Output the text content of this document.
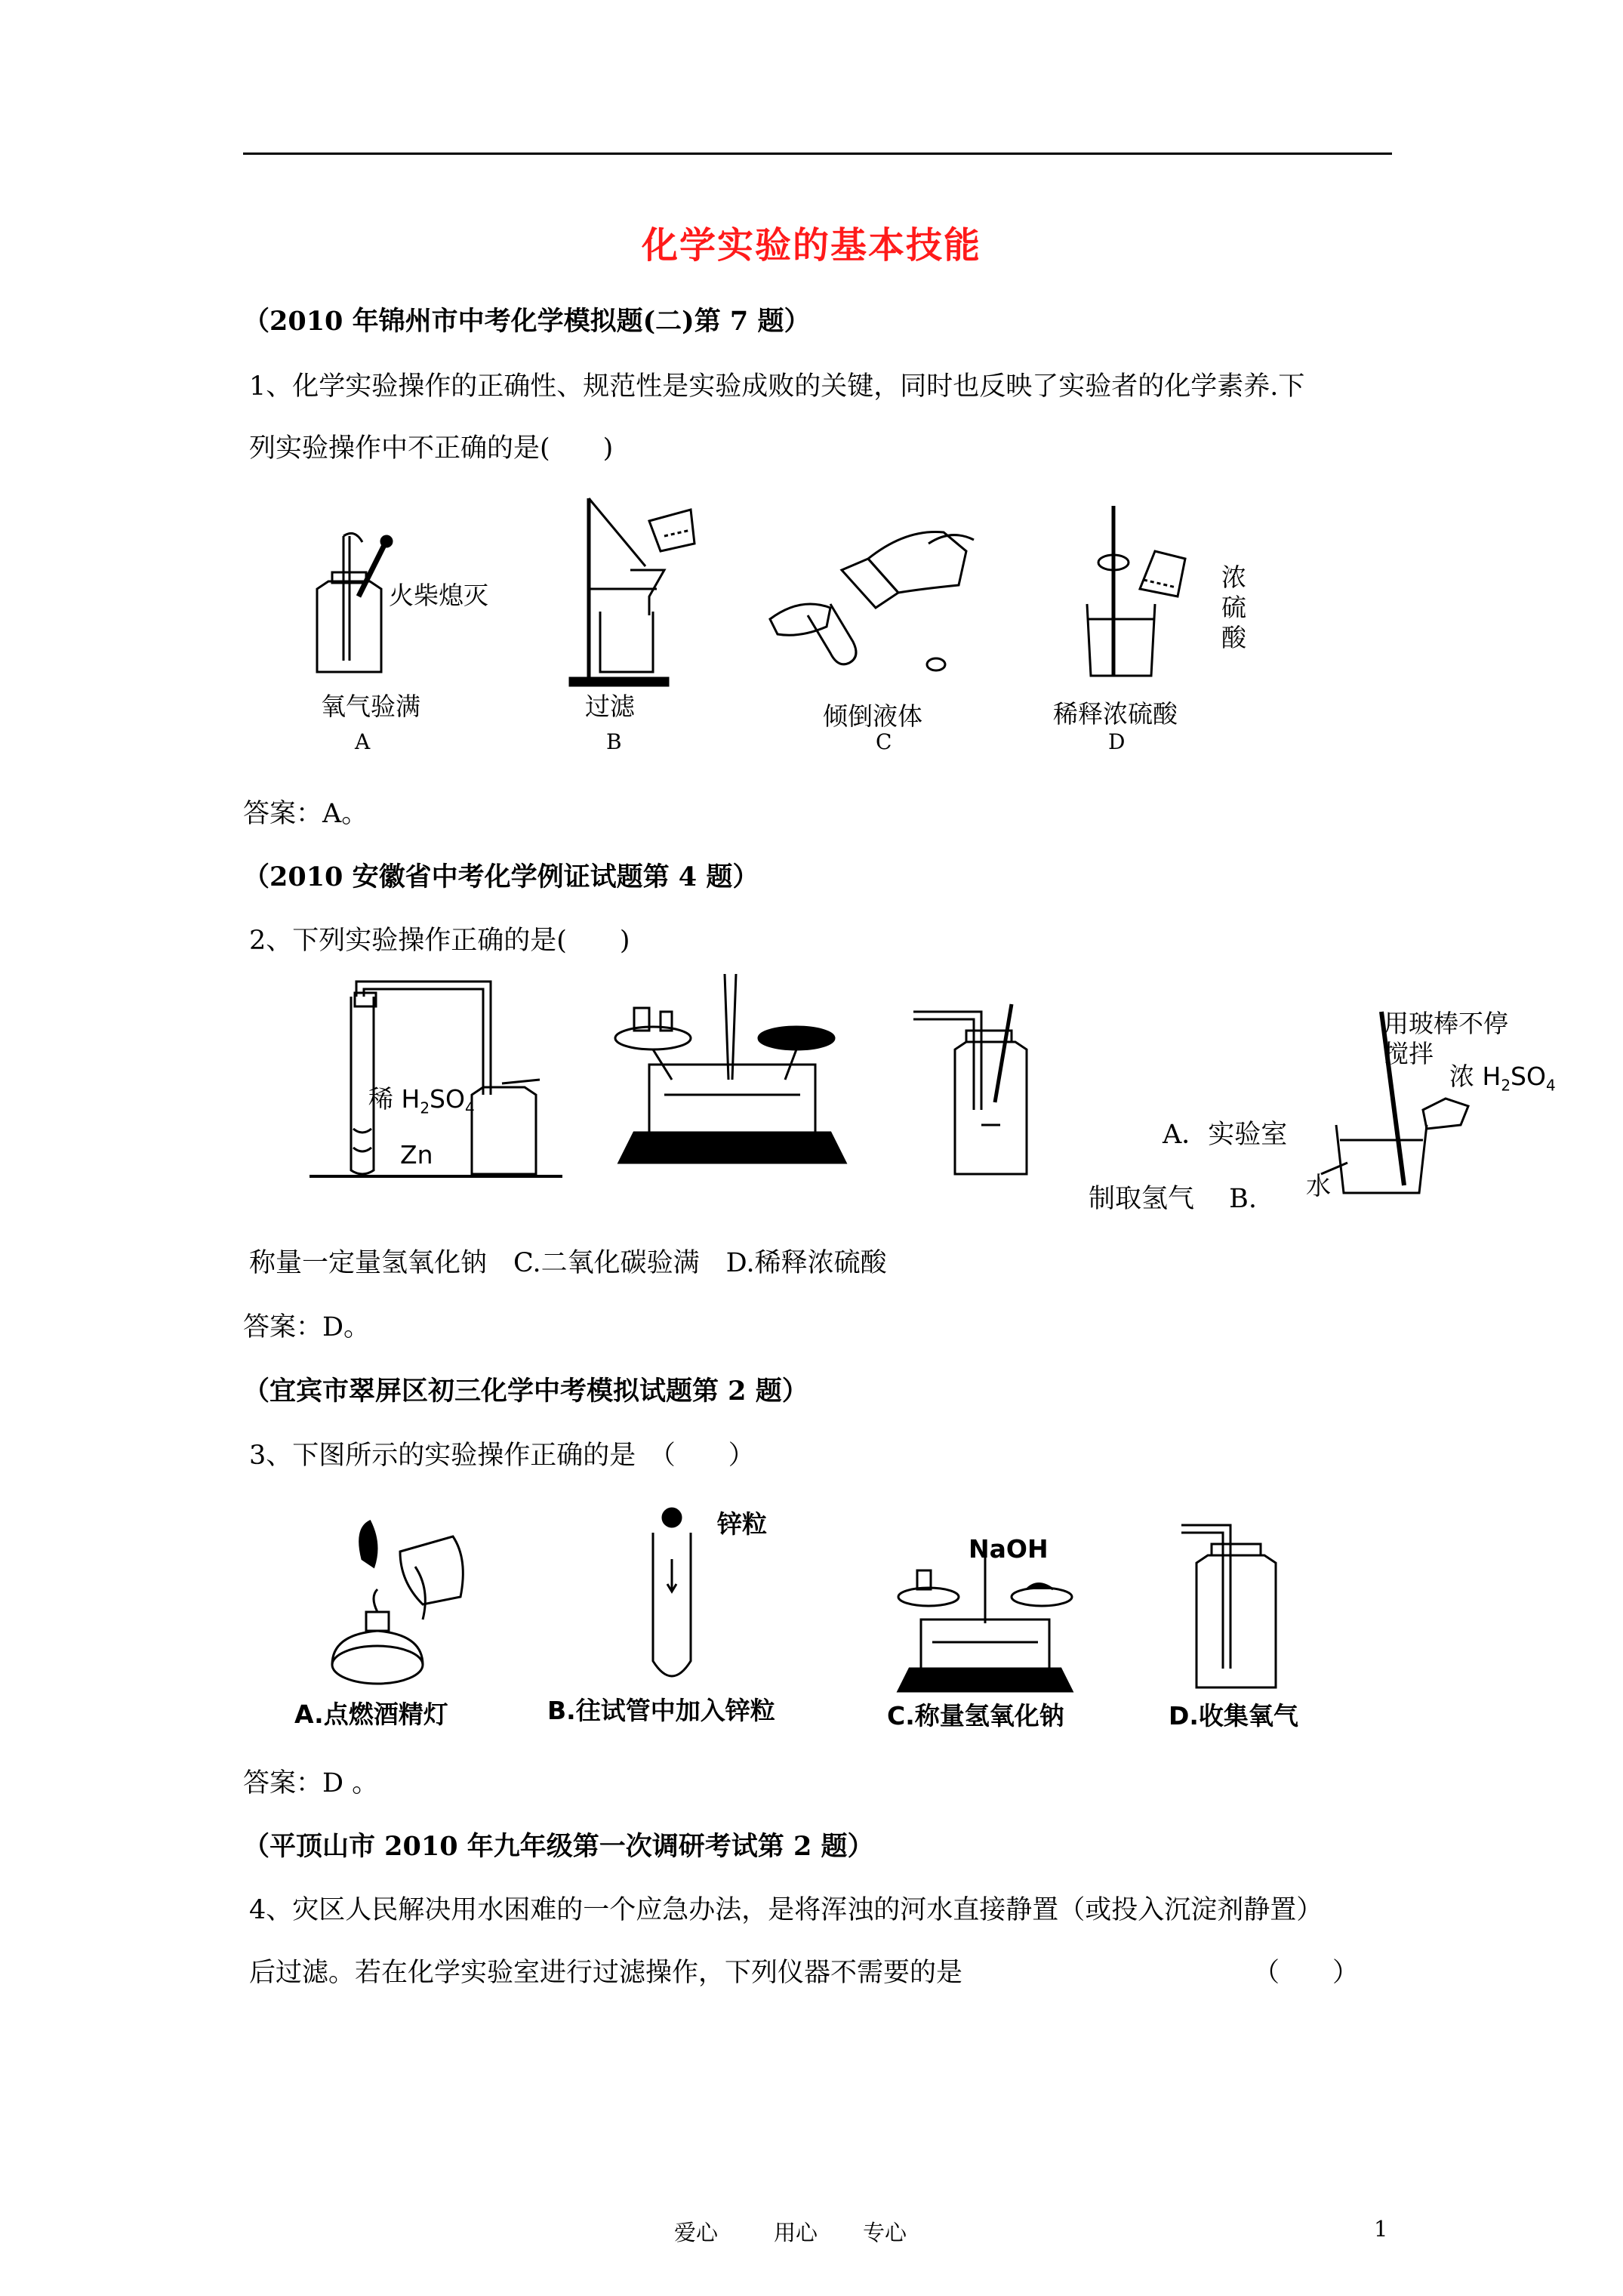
化学实验的基本技能
（2010 年锦州市中考化学模拟题(二)第 7 题）
1、化学实验操作的正确性、规范性是实验成败的关键，同时也反映了实验者的化学素养.下
列实验操作中不正确的是(　　)
火柴熄灭
氧气验满
A
过滤
B
倾倒液体
C
浓
硫
酸
稀释浓硫酸
D
答案：A。
（2010 安徽省中考化学例证试题第 4 题）
2、下列实验操作正确的是(　　)
稀 $H_2SO_4$
Zn
用玻棒不停
搅拌
浓 $H_2SO_4$
水
A．实验室
制取氢气　 B.
称量一定量氢氧化钠　C.二氧化碳验满　D.稀释浓硫酸
答案：D。
（宜宾市翠屏区初三化学中考模拟试题第 2 题）
3、下图所示的实验操作正确的是　（　　）
A.点燃酒精灯
锌粒
B.往试管中加入锌粒
NaOH
C.称量氢氧化钠	D.收集氧气
答案：D 。
（平顶山市 2010 年九年级第一次调研考试第 2 题）
4、灾区人民解决用水困难的一个应急办法，是将浑浊的河水直接静置（或投入沉淀剂静置）
后过滤。若在化学实验室进行过滤操作，下列仪器不需要的是	（　　）
爱心	用心 专心	1
